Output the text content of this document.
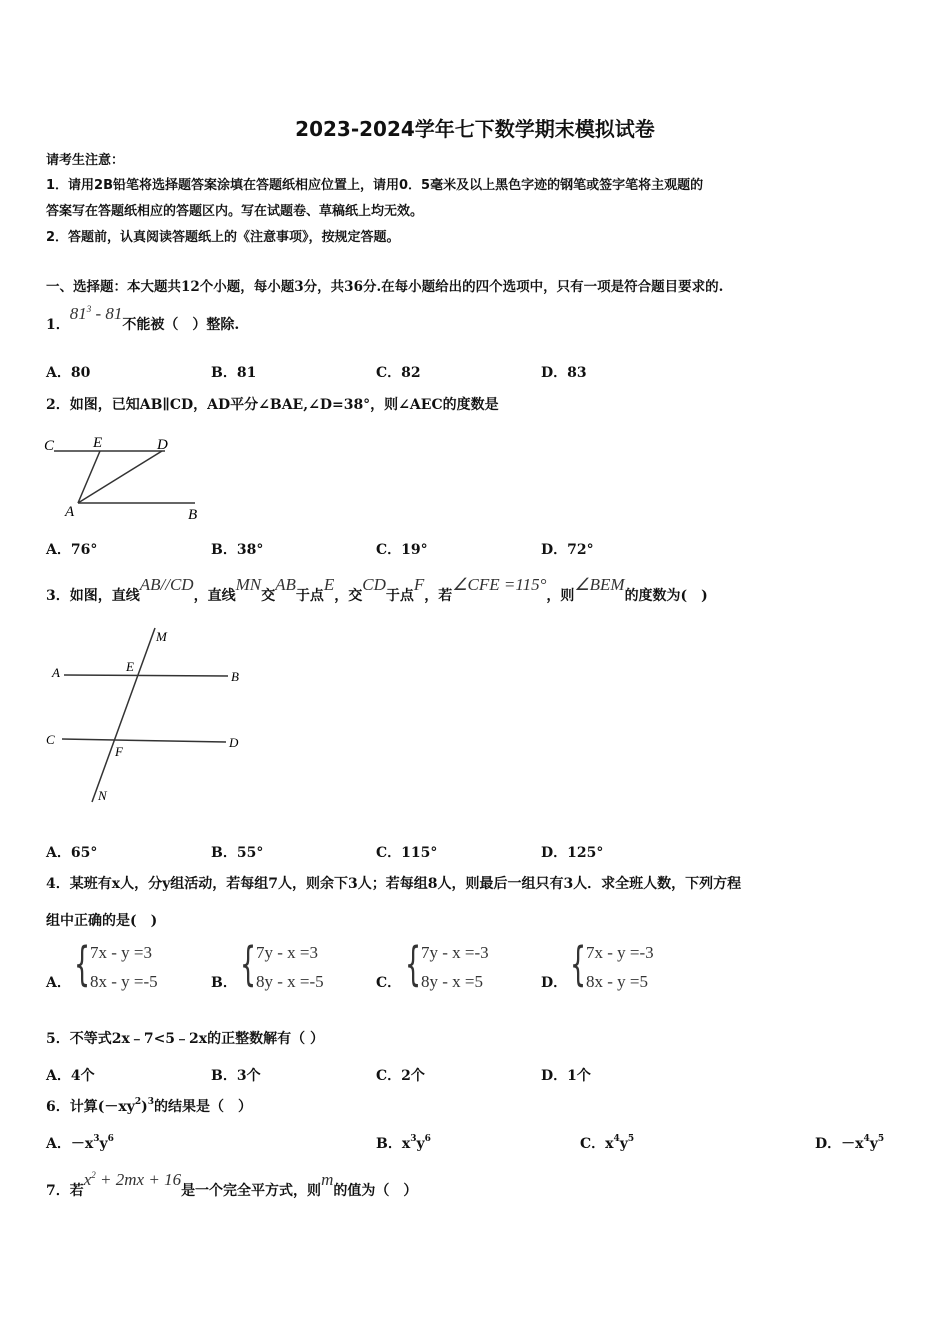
2023-2024学年七下数学期末模拟试卷
请考生注意：
1．请用2B铅笔将选择题答案涂填在答题纸相应位置上，请用0．5毫米及以上黑色字迹的钢笔或签字笔将主观题的
答案写在答题纸相应的答题区内。写在试题卷、草稿纸上均无效。
2．答题前，认真阅读答题纸上的《注意事项》，按规定答题。
一、选择题：本大题共12个小题，每小题3分，共36分.在每小题给出的四个选项中，只有一项是符合题目要求的.
1．$81^3 - 81$不能被（　）整除.
A．80	B．81	C．82	D．83
2．如图，已知AB∥CD，AD平分∠BAE,∠D=38°，则∠AEC的度数是
C	E	D
A	B
A．76°	B．38°	C．19°	D．72°
3．如图，直线AB//CD，直线MN交AB于点E，交CD于点F，若∠CFE =115°，则∠BEM的度数为(　)
M
A	E
B
C
F
D
N
A．65°	B．55°	C．115°	D．125°
4．某班有x人，分y组活动，若每组7人，则余下3人；若每组8人，则最后一组只有3人．求全班人数，下列方程
组中正确的是(　)
A． { 7x - y =3
8x - y =-5	B． { 7y - x =3
8y - x =-5	C． { 7y - x =-3
8y - x =5	D． { 7x - y =-3
8x - y =5
5．不等式2x﹣7<5﹣2x的正整数解有（ ）
A．4个	B．3个	C．2个	D．1个
6．计算$(-xy^2)^3$的结果是（　）
A．$-x^3y^6$	B．$x^3y^6$	C．$x^4y^5$	D．$-x^4y^5$
7．若$x^2 + 2mx + 16$是一个完全平方式，则m的值为（　）
